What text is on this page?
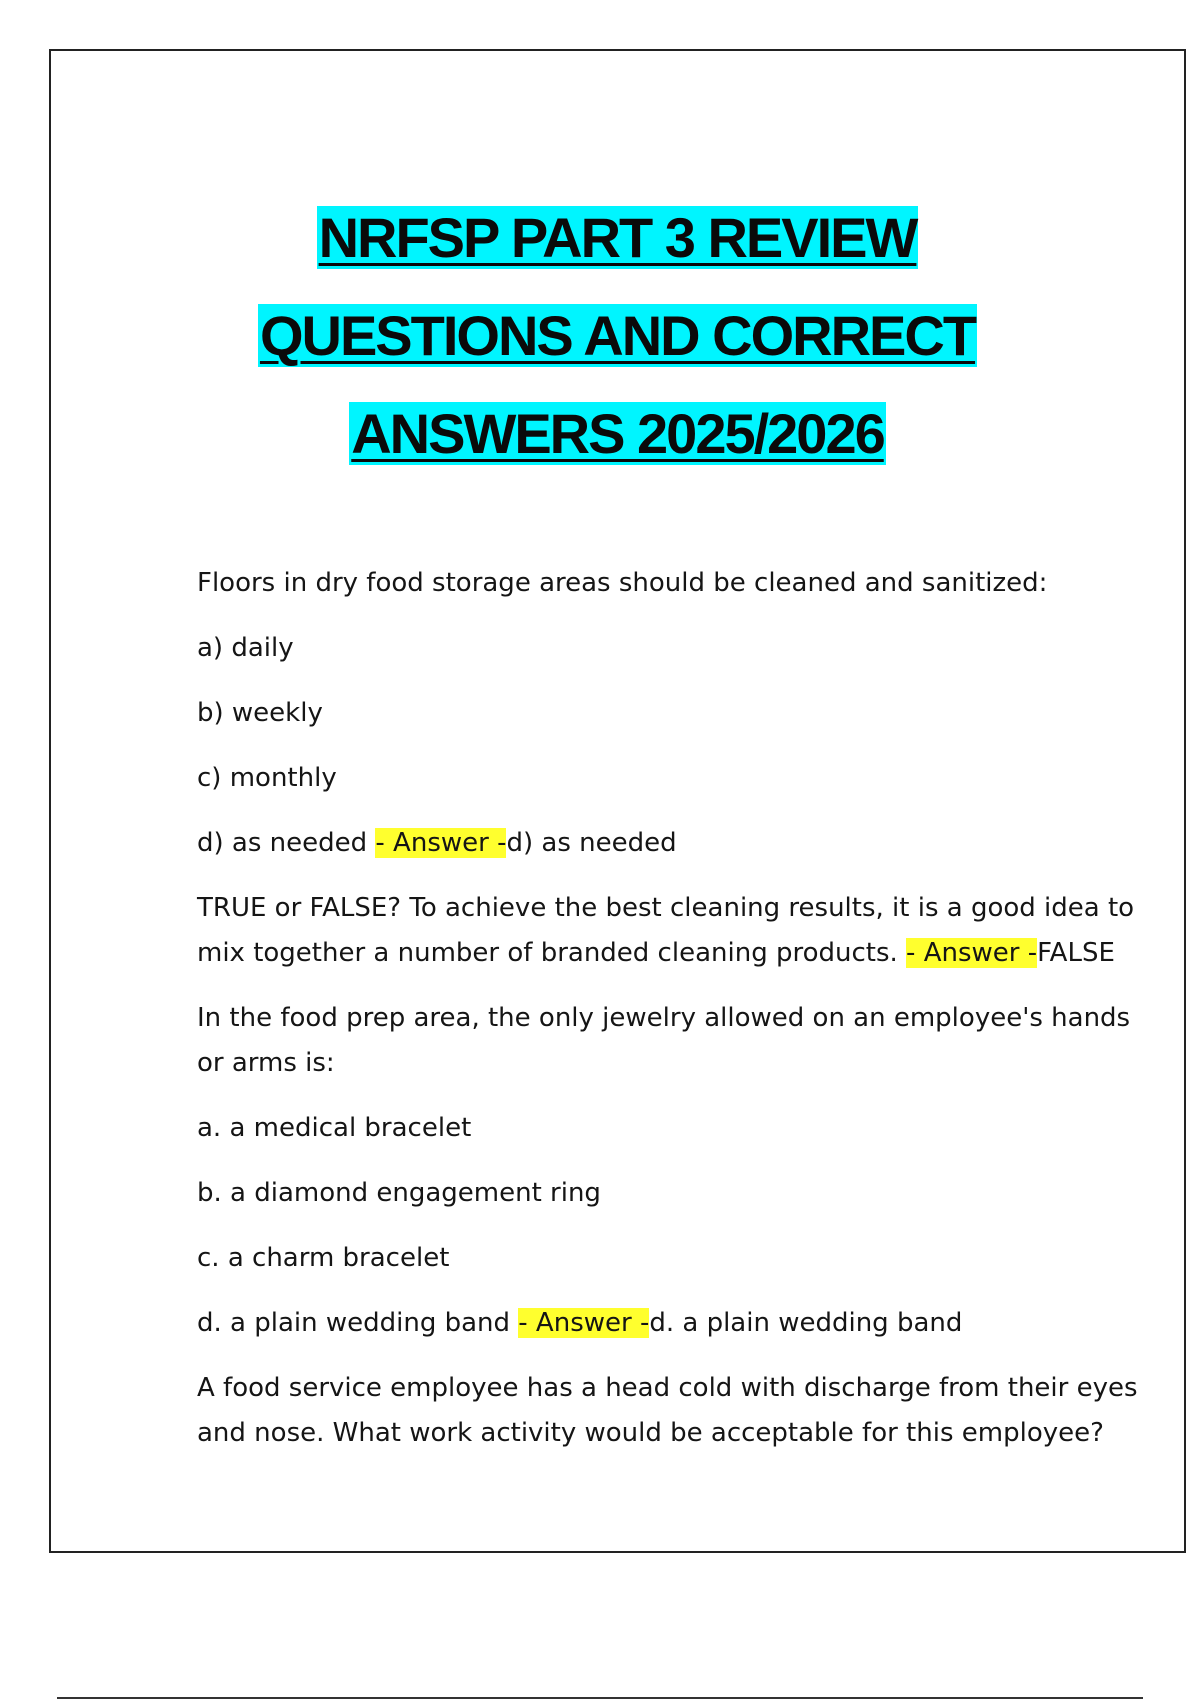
NRFSP PART 3 REVIEW
QUESTIONS AND CORRECT
ANSWERS 2025/2026

Floors in dry food storage areas should be cleaned and sanitized:

a) daily

b) weekly

c) monthly

d) as needed - Answer -d) as needed

TRUE or FALSE? To achieve the best cleaning results, it is a good idea to mix together a number of branded cleaning products. - Answer -FALSE

In the food prep area, the only jewelry allowed on an employee's hands or arms is:

a. a medical bracelet

b. a diamond engagement ring

c. a charm bracelet

d. a plain wedding band - Answer -d. a plain wedding band

A food service employee has a head cold with discharge from their eyes and nose. What work activity would be acceptable for this employee?
